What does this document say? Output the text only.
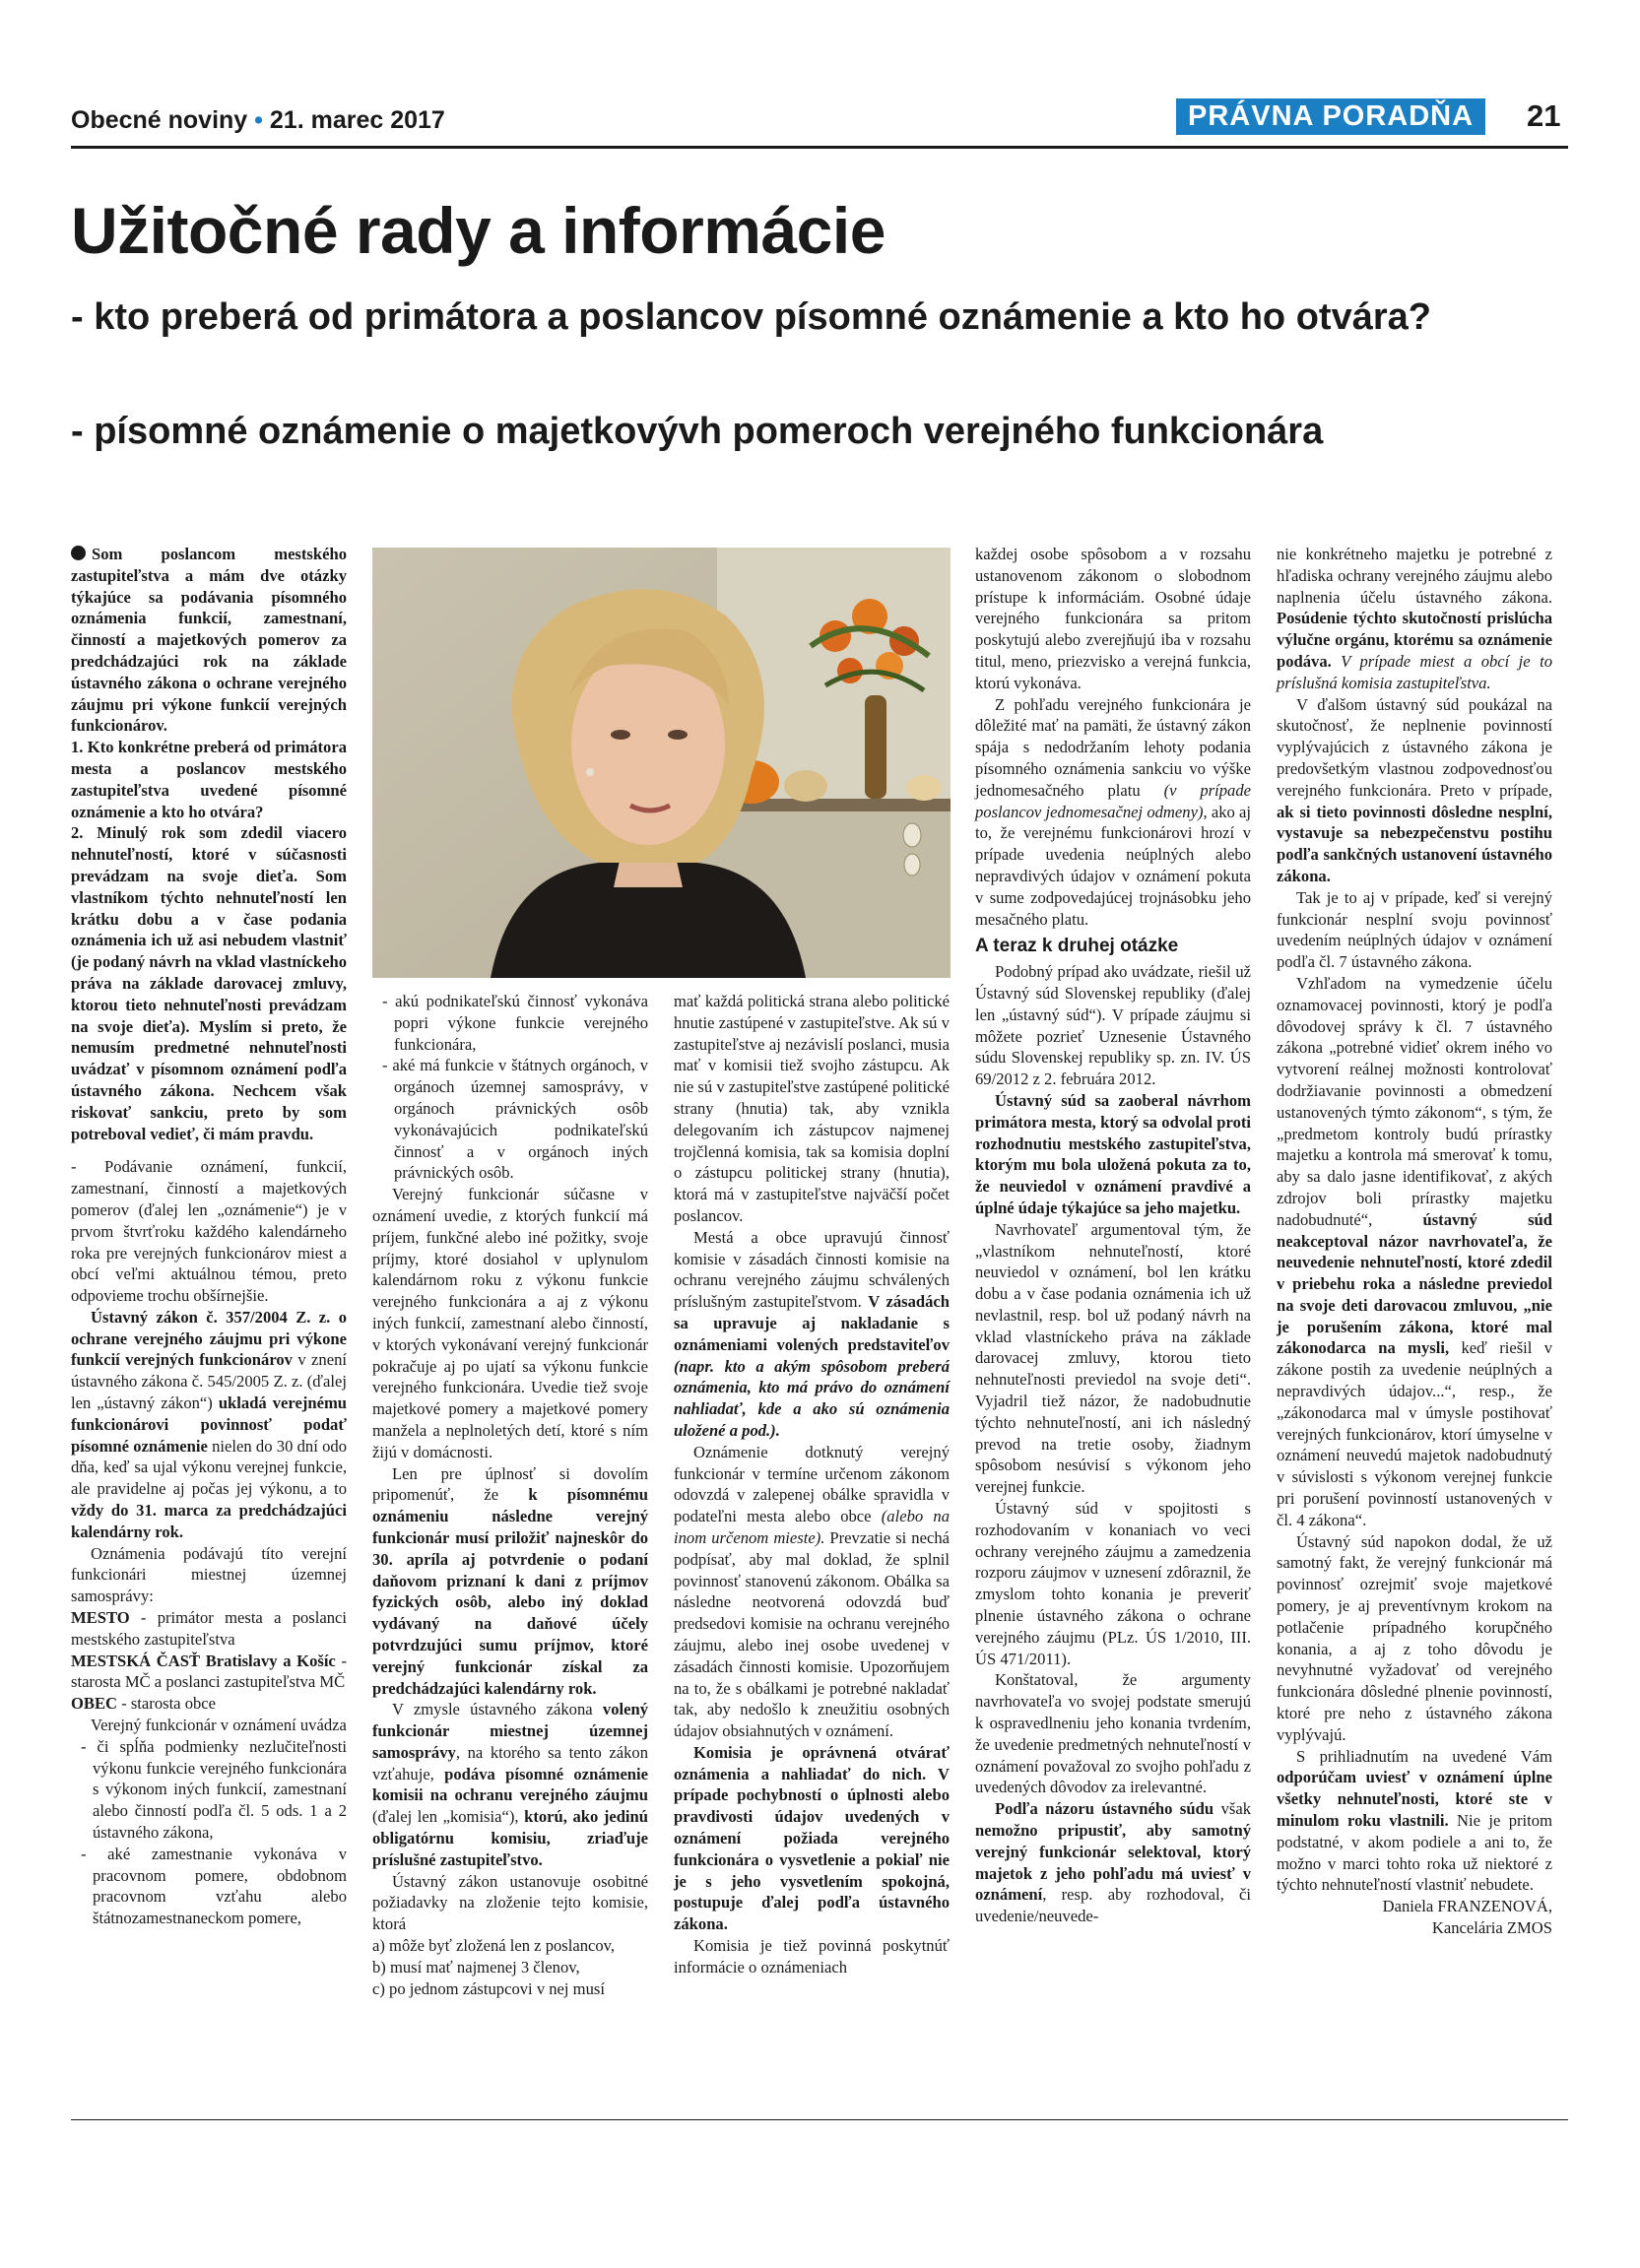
Obecné noviny • 21. marec 2017	PRÁVNA PORADŇA	21
Užitočné rady a informácie
- kto preberá od primátora a poslancov písomné oznámenie a kto ho otvára?
- písomné oznámenie o majetkovývh pomeroch verejného funkcionára

Som poslancom mestského zastupiteľstva a mám dve otázky týkajúce sa podávania písomného oznámenia funkcií, zamestnaní, činností a majetkových pomerov za predchádzajúci rok na základe ústavného zákona o ochrane verejného záujmu pri výkone funkcií verejných funkcionárov.

1. Kto konkrétne preberá od primátora mesta a poslancov mestského zastupiteľstva uvedené písomné oznámenie a kto ho otvára?

2. Minulý rok som zdedil viacero nehnuteľností, ktoré v súčasnosti prevádzam na svoje dieťa. Som vlastníkom týchto nehnuteľností len krátku dobu a v čase podania oznámenia ich už asi nebudem vlastniť (je podaný návrh na vklad vlastníckeho práva na základe darovacej zmluvy, ktorou tieto nehnuteľnosti prevádzam na svoje dieťa). Myslím si preto, že nemusím predmetné nehnuteľnosti uvádzať v písomnom oznámení podľa ústavného zákona. Nechcem však riskovať sankciu, preto by som potreboval vedieť, či mám pravdu.

- Podávanie oznámení, funkcií, zamestnaní, činností a majetkových pomerov (ďalej len „oznámenie“) je v prvom štvrťroku každého kalendárneho roka pre verejných funkcionárov miest a obcí veľmi aktuálnou témou, preto odpovieme trochu obšírnejšie.

Ústavný zákon č. 357/2004 Z. z. o ochrane verejného záujmu pri výkone funkcií verejných funkcionárov v znení ústavného zákona č. 545/2005 Z. z. (ďalej len „ústavný zákon“) ukladá verejnému funkcionárovi povinnosť podať písomné oznámenie nielen do 30 dní odo dňa, keď sa ujal výkonu verejnej funkcie, ale pravidelne aj počas jej výkonu, a to vždy do 31. marca za predchádzajúci kalendárny rok.

Oznámenia podávajú títo verejní funkcionári miestnej územnej samosprávy:

MESTO - primátor mesta a poslanci mestského zastupiteľstva

MESTSKÁ ČASŤ Bratislavy a Košíc - starosta MČ a poslanci zastupiteľstva MČ

OBEC - starosta obce

Verejný funkcionár v oznámení uvádza

- či spĺňa podmienky nezlučiteľnosti výkonu funkcie verejného funkcionára s výkonom iných funkcií, zamestnaní alebo činností podľa čl. 5 ods. 1 a 2 ústavného zákona,
- aké zamestnanie vykonáva v pracovnom pomere, obdobnom pracovnom vzťahu alebo štátnozamestnaneckom pomere,
- akú podnikateľskú činnosť vykonáva popri výkone funkcie verejného funkcionára,
- aké má funkcie v štátnych orgánoch, v orgánoch územnej samosprávy, v orgánoch právnických osôb vykonávajúcich podnikateľskú činnosť a v orgánoch iných právnických osôb.

Verejný funkcionár súčasne v oznámení uvedie, z ktorých funkcií má príjem, funkčné alebo iné požitky, svoje príjmy, ktoré dosiahol v uplynulom kalendárnom roku z výkonu funkcie verejného funkcionára a aj z výkonu iných funkcií, zamestnaní alebo činností, v ktorých vykonávaní verejný funkcionár pokračuje aj po ujatí sa výkonu funkcie verejného funkcionára. Uvedie tiež svoje majetkové pomery a majetkové pomery manžela a neplnoletých detí, ktoré s ním žijú v domácnosti.

Len pre úplnosť si dovolím pripomenúť, že k písomnému oznámeniu následne verejný funkcionár musí priložiť najneskôr do 30. apríla aj potvrdenie o podaní daňovom priznaní k dani z príjmov fyzických osôb, alebo iný doklad vydávaný na daňové účely potvrdzujúci sumu príjmov, ktoré verejný funkcionár získal za predchádzajúci kalendárny rok.

V zmysle ústavného zákona volený funkcionár miestnej územnej samosprávy, na ktorého sa tento zákon vzťahuje, podáva písomné oznámenie komisii na ochranu verejného záujmu (ďalej len „komisia“), ktorú, ako jedinú obligatórnu komisiu, zriaďuje príslušné zastupiteľstvo.

Ústavný zákon ustanovuje osobitné požiadavky na zloženie tejto komisie, ktorá

a) môže byť zložená len z poslancov,

b) musí mať najmenej 3 členov,

c) po jednom zástupcovi v nej musí

mať každá politická strana alebo politické hnutie zastúpené v zastupiteľstve. Ak sú v zastupiteľstve aj nezávislí poslanci, musia mať v komisii tiež svojho zástupcu. Ak nie sú v zastupiteľstve zastúpené politické strany (hnutia) tak, aby vznikla delegovaním ich zástupcov najmenej trojčlenná komisia, tak sa komisia doplní o zástupcu politickej strany (hnutia), ktorá má v zastupiteľstve najväčší počet poslancov.

Mestá a obce upravujú činnosť komisie v zásadách činnosti komisie na ochranu verejného záujmu schválených príslušným zastupiteľstvom. V zásadách sa upravuje aj nakladanie s oznámeniami volených predstaviteľov (napr. kto a akým spôsobom preberá oznámenia, kto má právo do oznámení nahliadať, kde a ako sú oznámenia uložené a pod.).

Oznámenie dotknutý verejný funkcionár v termíne určenom zákonom odovzdá v zalepenej obálke spravidla v podateľni mesta alebo obce (alebo na inom určenom mieste). Prevzatie si nechá podpísať, aby mal doklad, že splnil povinnosť stanovenú zákonom. Obálka sa následne neotvorená odovzdá buď predsedovi komisie na ochranu verejného záujmu, alebo inej osobe uvedenej v zásadách činnosti komisie. Upozorňujem na to, že s obálkami je potrebné nakladať tak, aby nedošlo k zneužitiu osobných údajov obsiahnutých v oznámení.

Komisia je oprávnená otvárať oznámenia a nahliadať do nich. V prípade pochybností o úplnosti alebo pravdivosti údajov uvedených v oznámení požiada verejného funkcionára o vysvetlenie a pokiaľ nie je s jeho vysvetlením spokojná, postupuje ďalej podľa ústavného zákona.

Komisia je tiež povinná poskytnúť informácie o oznámeniach

každej osobe spôsobom a v rozsahu ustanovenom zákonom o slobodnom prístupe k informáciám. Osobné údaje verejného funkcionára sa pritom poskytujú alebo zverejňujú iba v rozsahu titul, meno, priezvisko a verejná funkcia, ktorú vykonáva.

Z pohľadu verejného funkcionára je dôležité mať na pamäti, že ústavný zákon spája s nedodržaním lehoty podania písomného oznámenia sankciu vo výške jednomesačného platu (v prípade poslancov jednomesačnej odmeny), ako aj to, že verejnému funkcionárovi hrozí v prípade uvedenia neúplných alebo nepravdivých údajov v oznámení pokuta v sume zodpovedajúcej trojnásobku jeho mesačného platu.

A teraz k druhej otázke

Podobný prípad ako uvádzate, riešil už Ústavný súd Slovenskej republiky (ďalej len „ústavný súd“). V prípade záujmu si môžete pozrieť Uznesenie Ústavného súdu Slovenskej republiky sp. zn. IV. ÚS 69/2012 z 2. februára 2012.

Ústavný súd sa zaoberal návrhom primátora mesta, ktorý sa odvolal proti rozhodnutiu mestského zastupiteľstva, ktorým mu bola uložená pokuta za to, že neuviedol v oznámení pravdivé a úplné údaje týkajúce sa jeho majetku.

Navrhovateľ argumentoval tým, že „vlastníkom nehnuteľností, ktoré neuviedol v oznámení, bol len krátku dobu a v čase podania oznámenia ich už nevlastnil, resp. bol už podaný návrh na vklad vlastníckeho práva na základe darovacej zmluvy, ktorou tieto nehnuteľnosti previedol na svoje deti“. Vyjadril tiež názor, že nadobudnutie týchto nehnuteľností, ani ich následný prevod na tretie osoby, žiadnym spôsobom nesúvisí s výkonom jeho verejnej funkcie.

Ústavný súd v spojitosti s rozhodovaním v konaniach vo veci ochrany verejného záujmu a zamedzenia rozporu záujmov v uznesení zdôraznil, že zmyslom tohto konania je preveriť plnenie ústavného zákona o ochrane verejného záujmu (PLz. ÚS 1/2010, III. ÚS 471/2011).

Konštatoval, že argumenty navrhovateľa vo svojej podstate smerujú k ospravedlneniu jeho konania tvrdením, že uvedenie predmetných nehnuteľností v oznámení považoval zo svojho pohľadu z uvedených dôvodov za irelevantné.

Podľa názoru ústavného súdu však nemožno pripustiť, aby samotný verejný funkcionár selektoval, ktorý majetok z jeho pohľadu má uviesť v oznámení, resp. aby rozhodoval, či uvedenie/neuvede-

nie konkrétneho majetku je potrebné z hľadiska ochrany verejného záujmu alebo naplnenia účelu ústavného zákona. Posúdenie týchto skutočností prislúcha výlučne orgánu, ktorému sa oznámenie podáva. V prípade miest a obcí je to príslušná komisia zastupiteľstva.

V ďalšom ústavný súd poukázal na skutočnosť, že neplnenie povinností vyplývajúcich z ústavného zákona je predovšetkým vlastnou zodpovednosťou verejného funkcionára. Preto v prípade, ak si tieto povinnosti dôsledne nesplní, vystavuje sa nebezpečenstvu postihu podľa sankčných ustanovení ústavného zákona.

Tak je to aj v prípade, keď si verejný funkcionár nesplní svoju povinnosť uvedením neúplných údajov v oznámení podľa čl. 7 ústavného zákona.

Vzhľadom na vymedzenie účelu oznamovacej povinnosti, ktorý je podľa dôvodovej správy k čl. 7 ústavného zákona „potrebné vidieť okrem iného vo vytvorení reálnej možnosti kontrolovať dodržiavanie povinnosti a obmedzení ustanovených týmto zákonom“, s tým, že „predmetom kontroly budú prírastky majetku a kontrola má smerovať k tomu, aby sa dalo jasne identifikovať, z akých zdrojov boli prírastky majetku nadobudnuté“, ústavný súd neakceptoval názor navrhovateľa, že neuvedenie nehnuteľností, ktoré zdedil v priebehu roka a následne previedol na svoje deti darovacou zmluvou, „nie je porušením zákona, ktoré mal zákonodarca na mysli, keď riešil v zákone postih za uvedenie neúplných a nepravdivých údajov...“, resp., že „zákonodarca mal v úmysle postihovať verejných funkcionárov, ktorí úmyselne v oznámení neuvedú majetok nadobudnutý v súvislosti s výkonom verejnej funkcie pri porušení povinností ustanovených v čl. 4 zákona“.

Ústavný súd napokon dodal, že už samotný fakt, že verejný funkcionár má povinnosť ozrejmiť svoje majetkové pomery, je aj preventívnym krokom na potlačenie prípadného korupčného konania, a aj z toho dôvodu je nevyhnutné vyžadovať od verejného funkcionára dôsledné plnenie povinností, ktoré pre neho z ústavného zákona vyplývajú.

S prihliadnutím na uvedené Vám odporúčam uviesť v oznámení úplne všetky nehnuteľnosti, ktoré ste v minulom roku vlastnili. Nie je pritom podstatné, v akom podiele a ani to, že možno v marci tohto roka už niektoré z týchto nehnuteľností vlastniť nebudete.

Daniela FRANZENOVÁ,

Kancelária ZMOS
